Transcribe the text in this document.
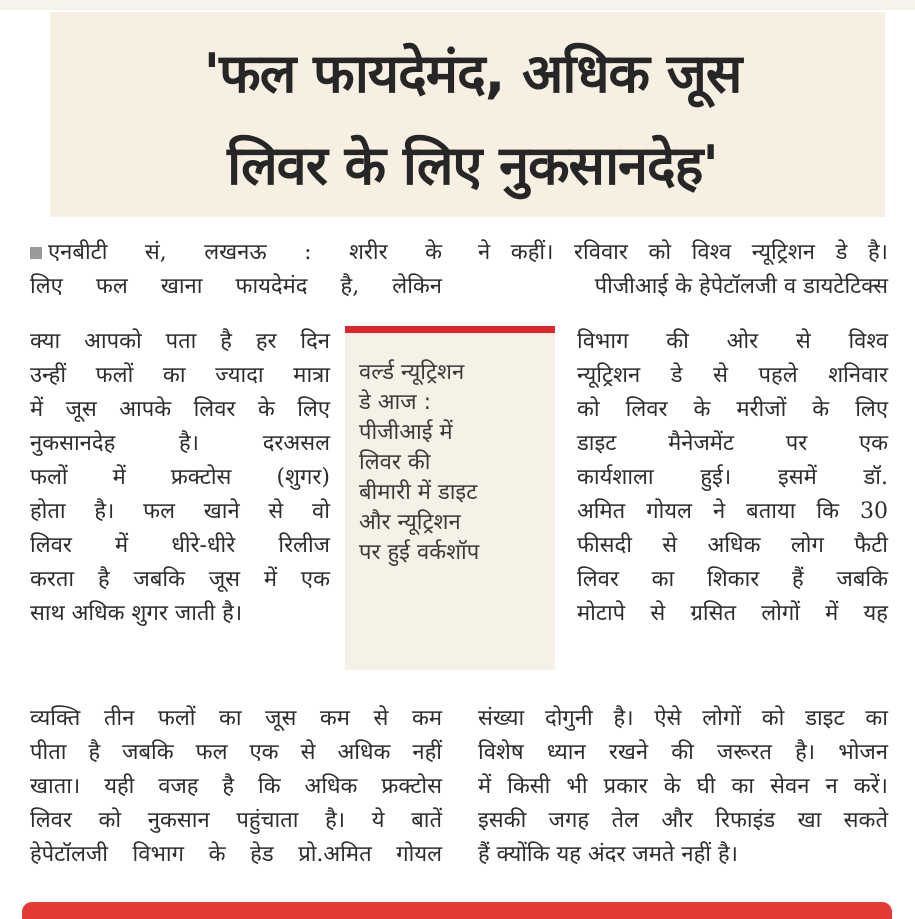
'फल फायदेमंद, अधिक जूस
लिवर के लिए नुकसानदेह'

एनबीटी सं, लखनऊ : शरीर के

लिए फल खाना फायदेमंद है, लेकिन

क्या आपको पता है हर दिन

उन्हीं फलों का ज्यादा मात्रा

में जूस आपके लिवर के लिए

नुकसानदेह है। दरअसल

फलों में फ्रक्टोस (शुगर)

होता है। फल खाने से वो

लिवर में धीरे-धीरे रिलीज

करता है जबकि जूस में एक

साथ अधिक शुगर जाती है।

व्यक्ति तीन फलों का जूस कम से कम

पीता है जबकि फल एक से अधिक नहीं

खाता। यही वजह है कि अधिक फ्रक्टोस

लिवर को नुकसान पहुंचाता है। ये बातें

हेपेटॉलजी विभाग के हेड प्रो.अमित गोयल

ने कहीं। रविवार को विश्व न्यूट्रिशन डे है।

पीजीआई के हेपेटॉलजी व डायटेटिक्स

विभाग की ओर से विश्व

न्यूट्रिशन डे से पहले शनिवार

को लिवर के मरीजों के लिए

डाइट मैनेजमेंट पर एक

कार्यशाला हुई। इसमें डॉ.

अमित गोयल ने बताया कि 30

फीसदी से अधिक लोग फैटी

लिवर का शिकार हैं जबकि

मोटापे से ग्रसित लोगों में यह

संख्या दोगुनी है। ऐसे लोगों को डाइट का

विशेष ध्यान रखने की जरूरत है। भोजन

में किसी भी प्रकार के घी का सेवन न करें।

इसकी जगह तेल और रिफाइंड खा सकते

हैं क्योंकि यह अंदर जमते नहीं है।

वर्ल्ड न्यूट्रिशन
डे आज :
पीजीआई में
लिवर की
बीमारी में डाइट
और न्यूट्रिशन
पर हुई वर्कशॉप
